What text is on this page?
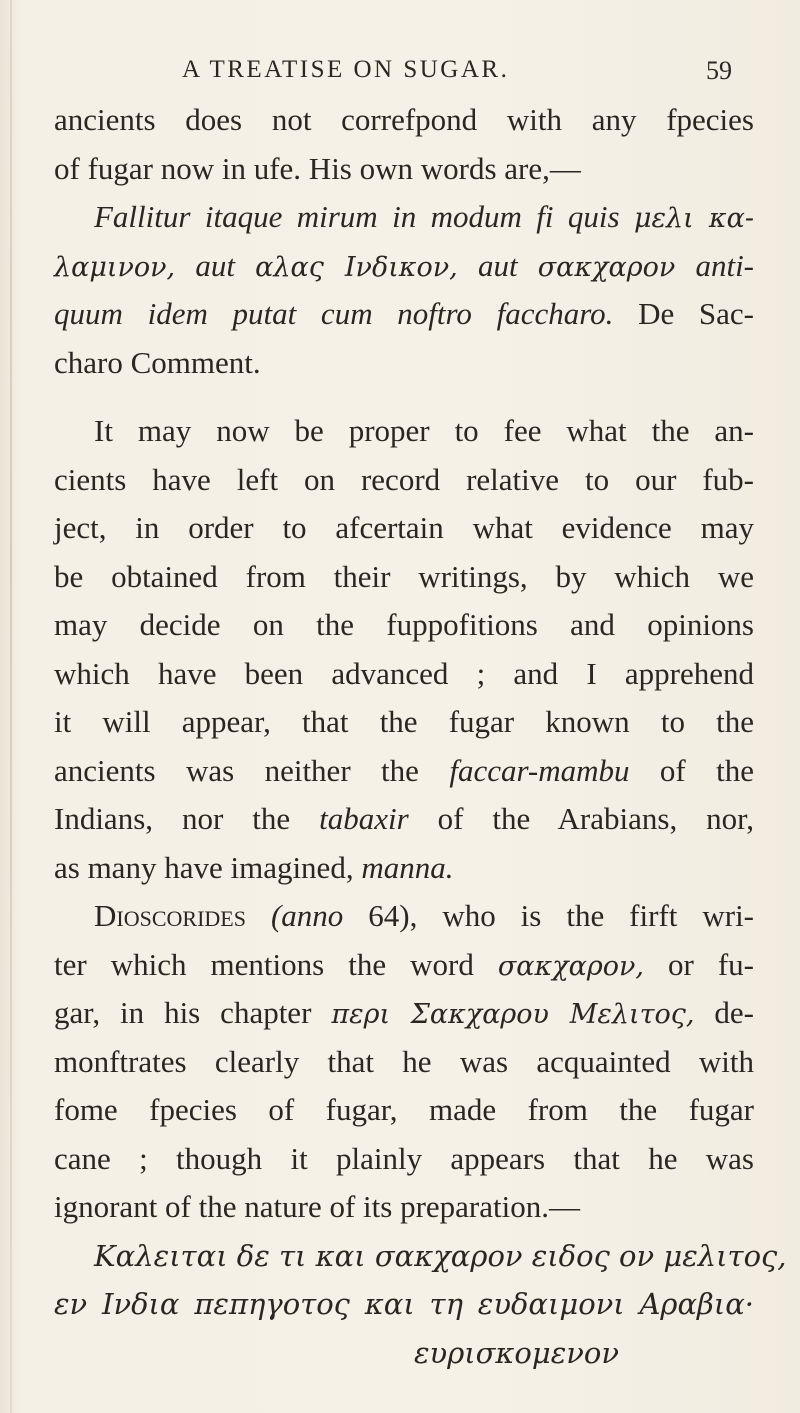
A TREATISE ON SUGAR.	59
ancients does not correfpond with any fpecies
of fugar now in ufe. His own words are,—
Fallitur itaque mirum in modum fi quis μελι κα-
λαμινον, aut αλας Ινδικον, aut σακχαρον anti-
quum idem putat cum noftro faccharo. De Sac-
charo Comment.
It may now be proper to fee what the an-
cients have left on record relative to our fub-
ject, in order to afcertain what evidence may
be obtained from their writings, by which we
may decide on the fuppofitions and opinions
which have been advanced ; and I apprehend
it will appear, that the fugar known to the
ancients was neither the faccar-mambu of the
Indians, nor the tabaxir of the Arabians, nor,
as many have imagined, manna.
Dioscorides (anno 64), who is the firft wri-
ter which mentions the word σακχαρον, or fu-
gar, in his chapter περι Σακχαρου Μελιτος, de-
monftrates clearly that he was acquainted with
fome fpecies of fugar, made from the fugar
cane ; though it plainly appears that he was
ignorant of the nature of its preparation.—
Καλειται δε τι και σακχαρον ειδος ον μελιτος,
εν Ινδια πεπηγοτος και τη ευδαιμονι Αραβια·
ευρισκομενον
